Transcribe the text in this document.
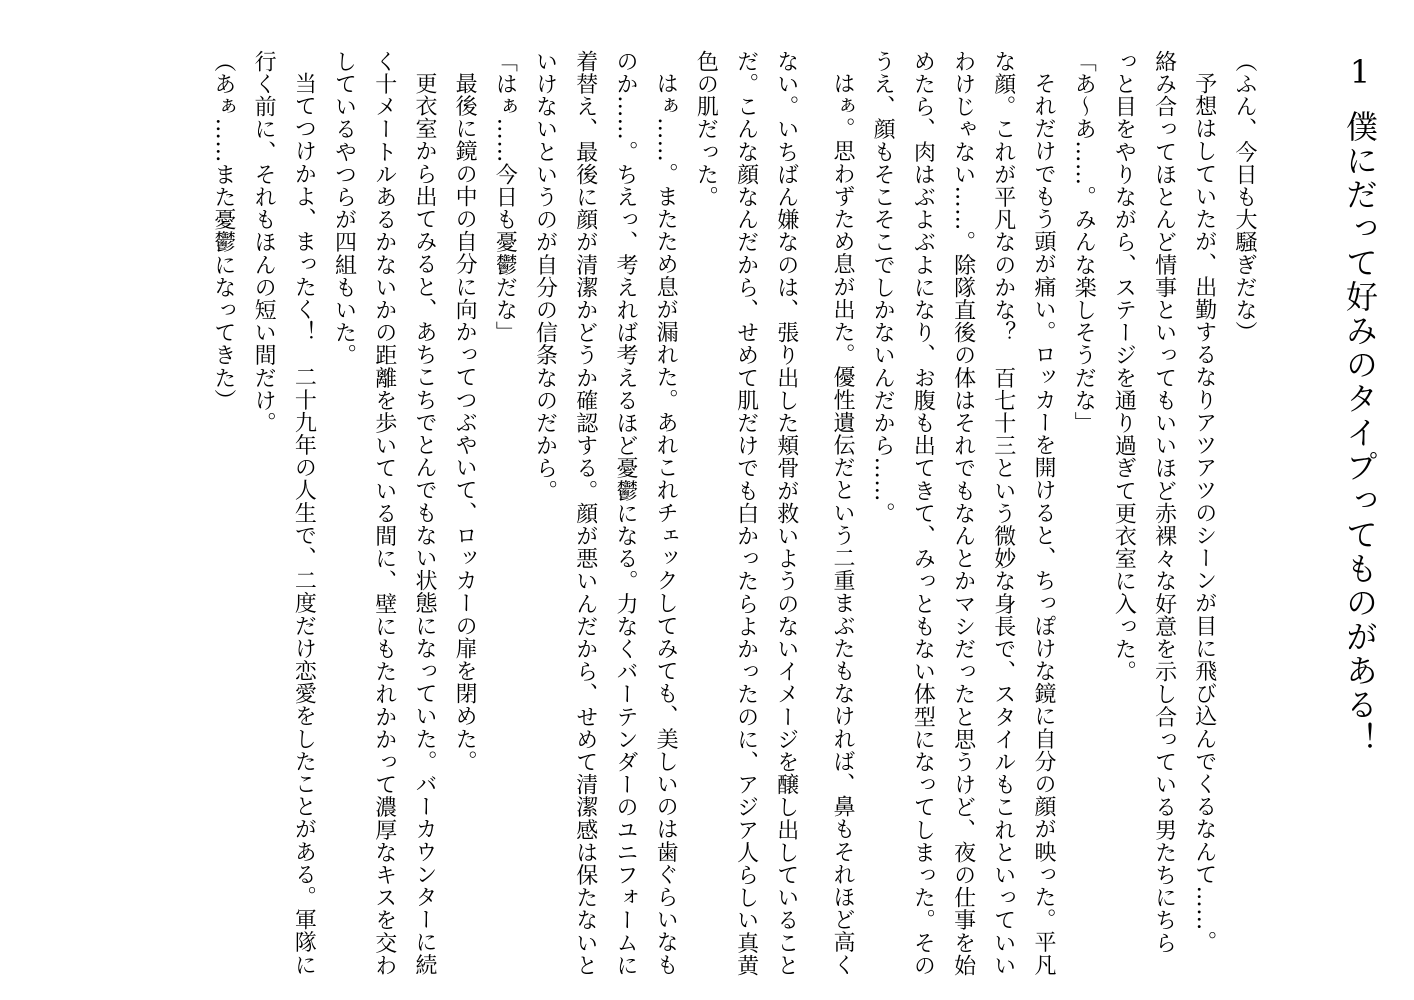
1僕にだって好みのタイプってものがある！

（ふん、今日も大騒ぎだな）

予想はしていたが、出勤するなりアツアツのシーンが目に飛び込んでくるなんて……。

絡み合ってほとんど情事といってもいいほど赤裸々な好意を示し合っている男たちにちら

っと目をやりながら、ステージを通り過ぎて更衣室に入った。

「あ～あ……。みんな楽しそうだな」

それだけでもう頭が痛い。ロッカーを開けると、ちっぽけな鏡に自分の顔が映った。平凡

な顔。これが平凡なのかな？　百七十三という微妙な身長で、スタイルもこれといっていい

わけじゃない……。除隊直後の体はそれでもなんとかマシだったと思うけど、夜の仕事を始

めたら、肉はぶよぶよになり、お腹も出てきて、みっともない体型になってしまった。その

うえ、顔もそこそこでしかないんだから……。

はぁ。思わずため息が出た。優性遺伝だという二重まぶたもなければ、鼻もそれほど高く

ない。いちばん嫌なのは、張り出した頬骨が救いようのないイメージを醸し出していること

だ。こんな顔なんだから、せめて肌だけでも白かったらよかったのに、アジア人らしい真黄

色の肌だった。

はぁ……。またため息が漏れた。あれこれチェックしてみても、美しいのは歯ぐらいなも

のか……。ちえっ、考えれば考えるほど憂鬱になる。力なくバーテンダーのユニフォームに

着替え、最後に顔が清潔かどうか確認する。顔が悪いんだから、せめて清潔感は保たないと

いけないというのが自分の信条なのだから。

「はぁ……今日も憂鬱だな」

最後に鏡の中の自分に向かってつぶやいて、ロッカーの扉を閉めた。

更衣室から出てみると、あちこちでとんでもない状態になっていた。バーカウンターに続

く十メートルあるかないかの距離を歩いている間に、壁にもたれかかって濃厚なキスを交わ

しているやつらが四組もいた。

当てつけかよ、まったく！　二十九年の人生で、二度だけ恋愛をしたことがある。軍隊に

行く前に、それもほんの短い間だけ。

（あぁ……また憂鬱になってきた）
